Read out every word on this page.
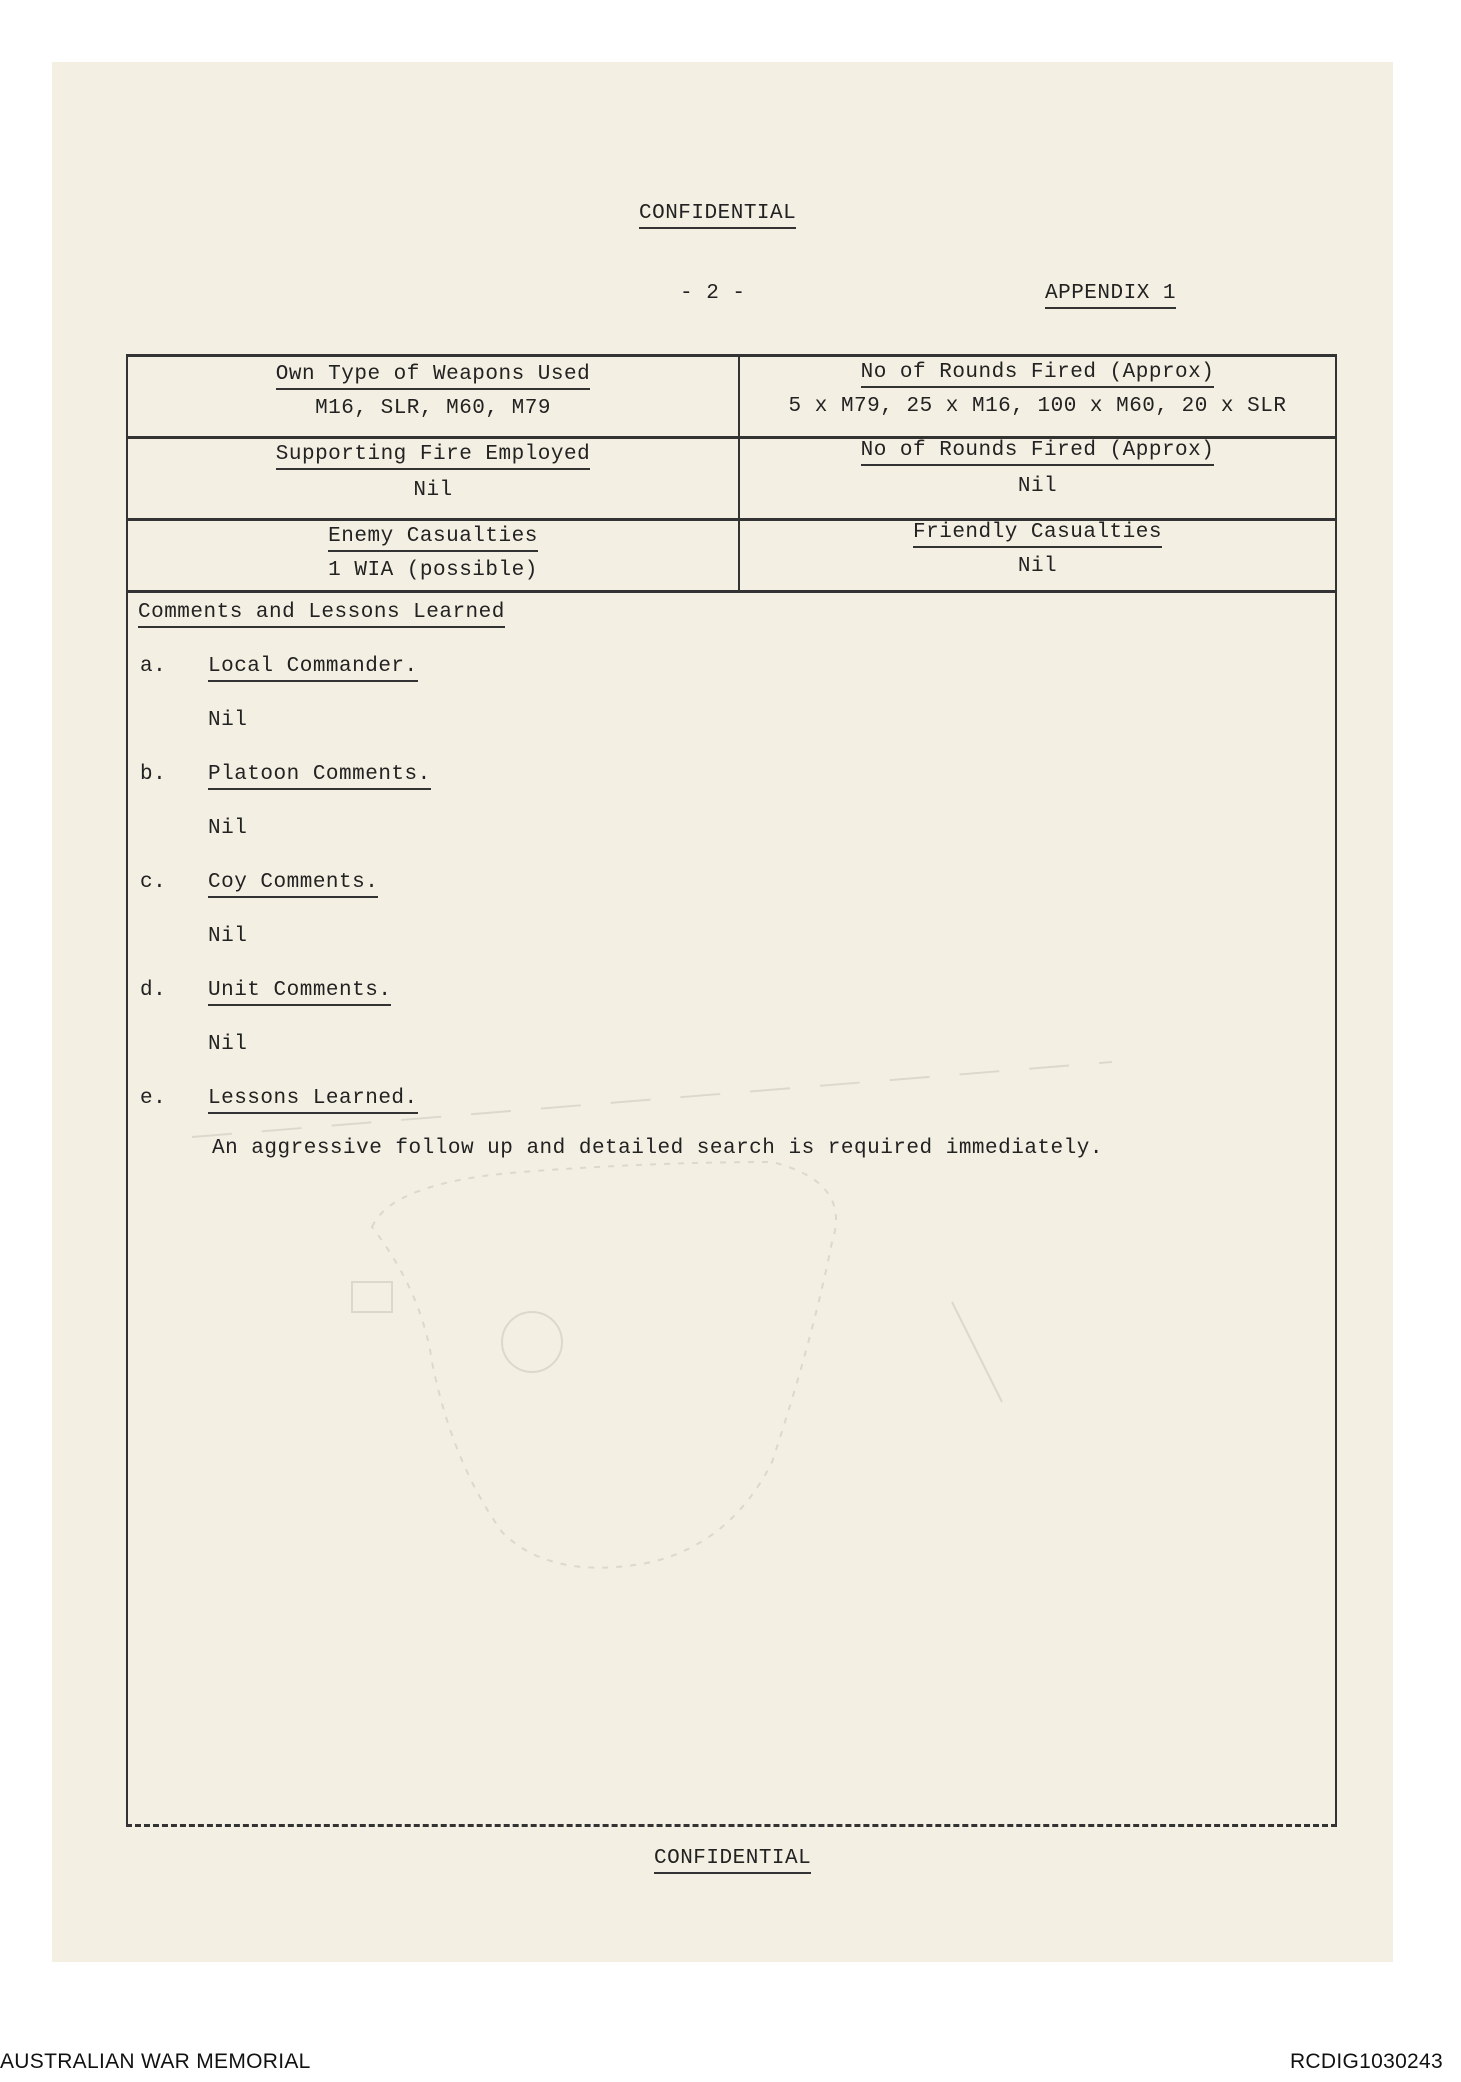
CONFIDENTIAL
- 2 -	APPENDIX 1
Own Type of Weapons Used
M16, SLR, M60, M79
No of Rounds Fired (Approx)
5 x M79, 25 x M16, 100 x M60, 20 x SLR
Supporting Fire Employed
Nil
No of Rounds Fired (Approx)
Nil
Enemy Casualties
1 WIA (possible)
Friendly Casualties
Nil
Comments and Lessons Learned
a. Local Commander.
Nil
b. Platoon Comments.
Nil
c. Coy Comments.
Nil
d. Unit Comments.
Nil
e. Lessons Learned.
An aggressive follow up and detailed search is required immediately.
CONFIDENTIAL
AUSTRALIAN WAR MEMORIAL	RCDIG1030243
